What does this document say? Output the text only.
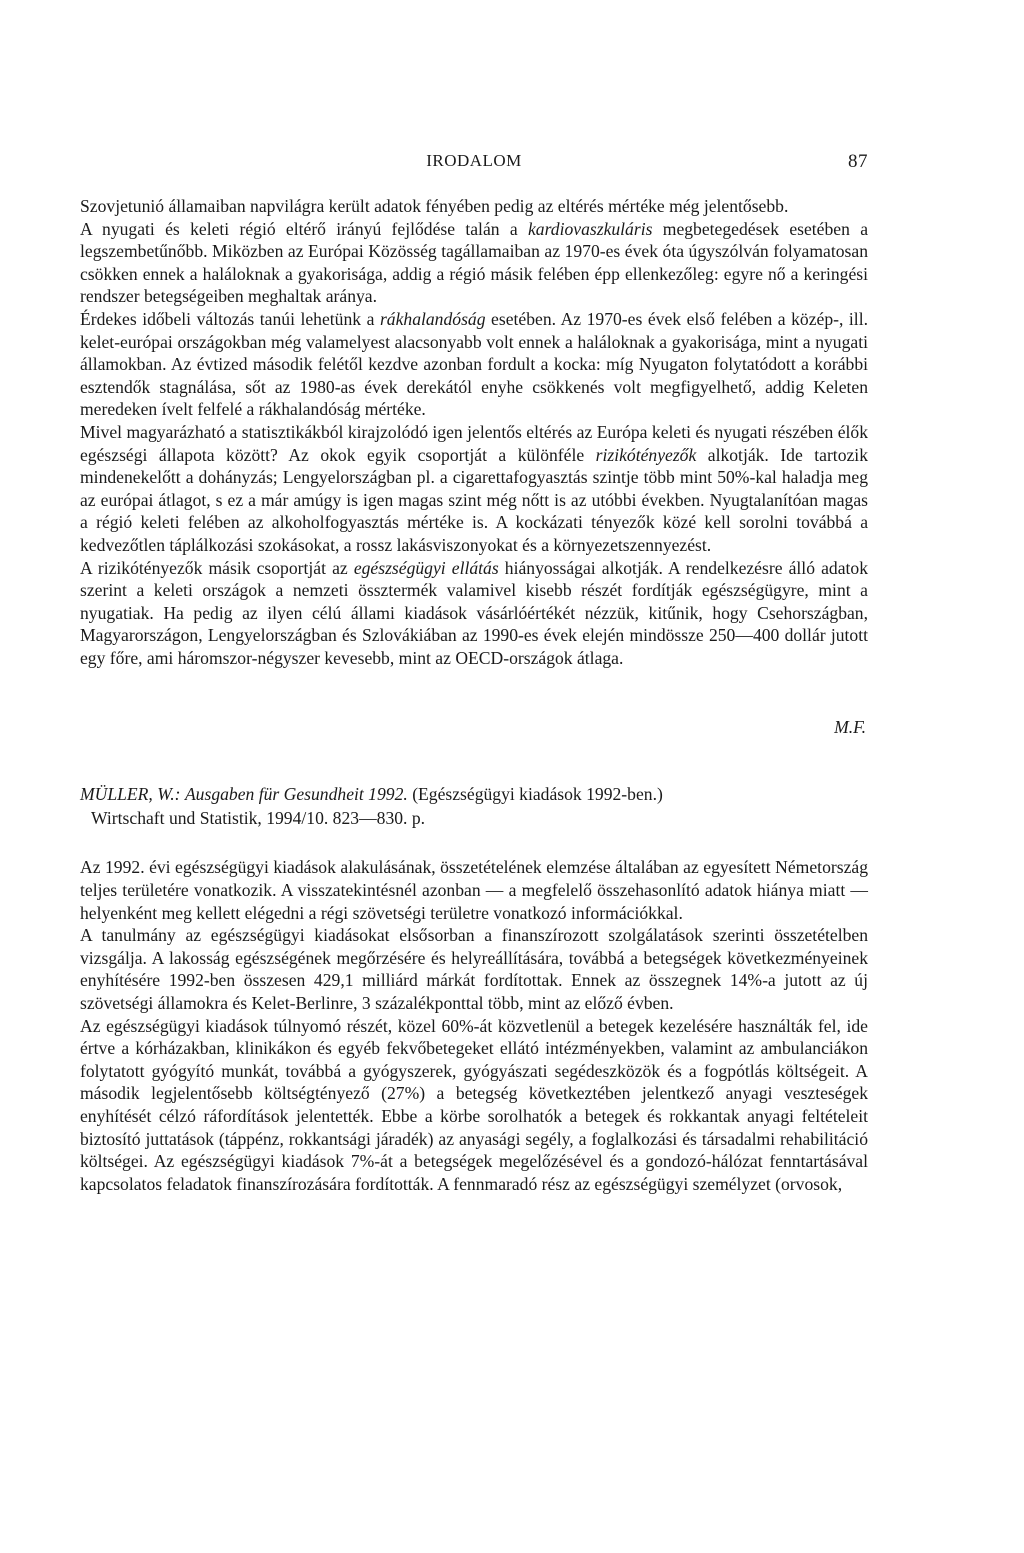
IRODALOM	87

Szovjetunió államaiban napvilágra került adatok fényében pedig az eltérés mértéke még jelentősebb.

A nyugati és keleti régió eltérő irányú fejlődése talán a kardiovaszkuláris megbetegedések esetében a legszembetűnőbb. Miközben az Európai Közösség tagállamaiban az 1970-es évek óta úgyszólván folyamatosan csökken ennek a haláloknak a gyakorisága, addig a régió másik felében épp ellenkezőleg: egyre nő a keringési rendszer betegségeiben meghaltak aránya.

Érdekes időbeli változás tanúi lehetünk a rákhalandóság esetében. Az 1970-es évek első felében a közép-, ill. kelet-európai országokban még valamelyest alacsonyabb volt ennek a haláloknak a gyakorisága, mint a nyugati államokban. Az évtized második felétől kezdve azonban fordult a kocka: míg Nyugaton folytatódott a korábbi esztendők stagnálása, sőt az 1980-as évek derekától enyhe csökkenés volt megfigyelhető, addig Keleten meredeken ívelt felfelé a rákhalandóság mértéke.

Mivel magyarázható a statisztikákból kirajzolódó igen jelentős eltérés az Európa keleti és nyugati részében élők egészségi állapota között? Az okok egyik csoportját a különféle rizikótényezők alkotják. Ide tartozik mindenekelőtt a dohányzás; Lengyelországban pl. a cigarettafogyasztás szintje több mint 50%-kal haladja meg az európai átlagot, s ez a már amúgy is igen magas szint még nőtt is az utóbbi években. Nyugtalanítóan magas a régió keleti felében az alkoholfogyasztás mértéke is. A kockázati tényezők közé kell sorolni továbbá a kedvezőtlen táplálkozási szokásokat, a rossz lakásviszonyokat és a környezetszennyezést.

A rizikótényezők másik csoportját az egészségügyi ellátás hiányosságai alkotják. A rendelkezésre álló adatok szerint a keleti országok a nemzeti össztermék valamivel kisebb részét fordítják egészségügyre, mint a nyugatiak. Ha pedig az ilyen célú állami kiadások vásárlóértékét nézzük, kitűnik, hogy Csehországban, Magyarországon, Lengyelországban és Szlovákiában az 1990-es évek elején mindössze 250—400 dollár jutott egy főre, ami háromszor-négyszer kevesebb, mint az OECD-országok átlaga.

M.F.
MÜLLER, W.: Ausgaben für Gesundheit 1992. (Egészségügyi kiadások 1992-ben.)
Wirtschaft und Statistik, 1994/10. 823—830. p.

Az 1992. évi egészségügyi kiadások alakulásának, összetételének elemzése általában az egyesített Németország teljes területére vonatkozik. A visszatekintésnél azonban — a megfelelő összehasonlító adatok hiánya miatt — helyenként meg kellett elégedni a régi szövetségi területre vonatkozó információkkal.

A tanulmány az egészségügyi kiadásokat elsősorban a finanszírozott szolgálatások szerinti összetételben vizsgálja. A lakosság egészségének megőrzésére és helyreállítására, továbbá a betegségek következményeinek enyhítésére 1992-ben összesen 429,1 milliárd márkát fordítottak. Ennek az összegnek 14%-a jutott az új szövetségi államokra és Kelet-Berlinre, 3 százalékponttal több, mint az előző évben.

Az egészségügyi kiadások túlnyomó részét, közel 60%-át közvetlenül a betegek kezelésére használták fel, ide értve a kórházakban, klinikákon és egyéb fekvőbetegeket ellátó intézményekben, valamint az ambulanciákon folytatott gyógyító munkát, továbbá a gyógyszerek, gyógyászati segédeszközök és a fogpótlás költségeit. A második legjelentősebb költségtényező (27%) a betegség következtében jelentkező anyagi veszteségek enyhítését célzó ráfordítások jelentették. Ebbe a körbe sorolhatók a betegek és rokkantak anyagi feltételeit biztosító juttatások (táppénz, rokkantsági járadék) az anyasági segély, a foglalkozási és társadalmi rehabilitáció költségei. Az egészségügyi kiadások 7%-át a betegségek megelőzésével és a gondozó-hálózat fenntartásával kapcsolatos feladatok finanszírozására fordították. A fennmaradó rész az egészségügyi személyzet (orvosok,
